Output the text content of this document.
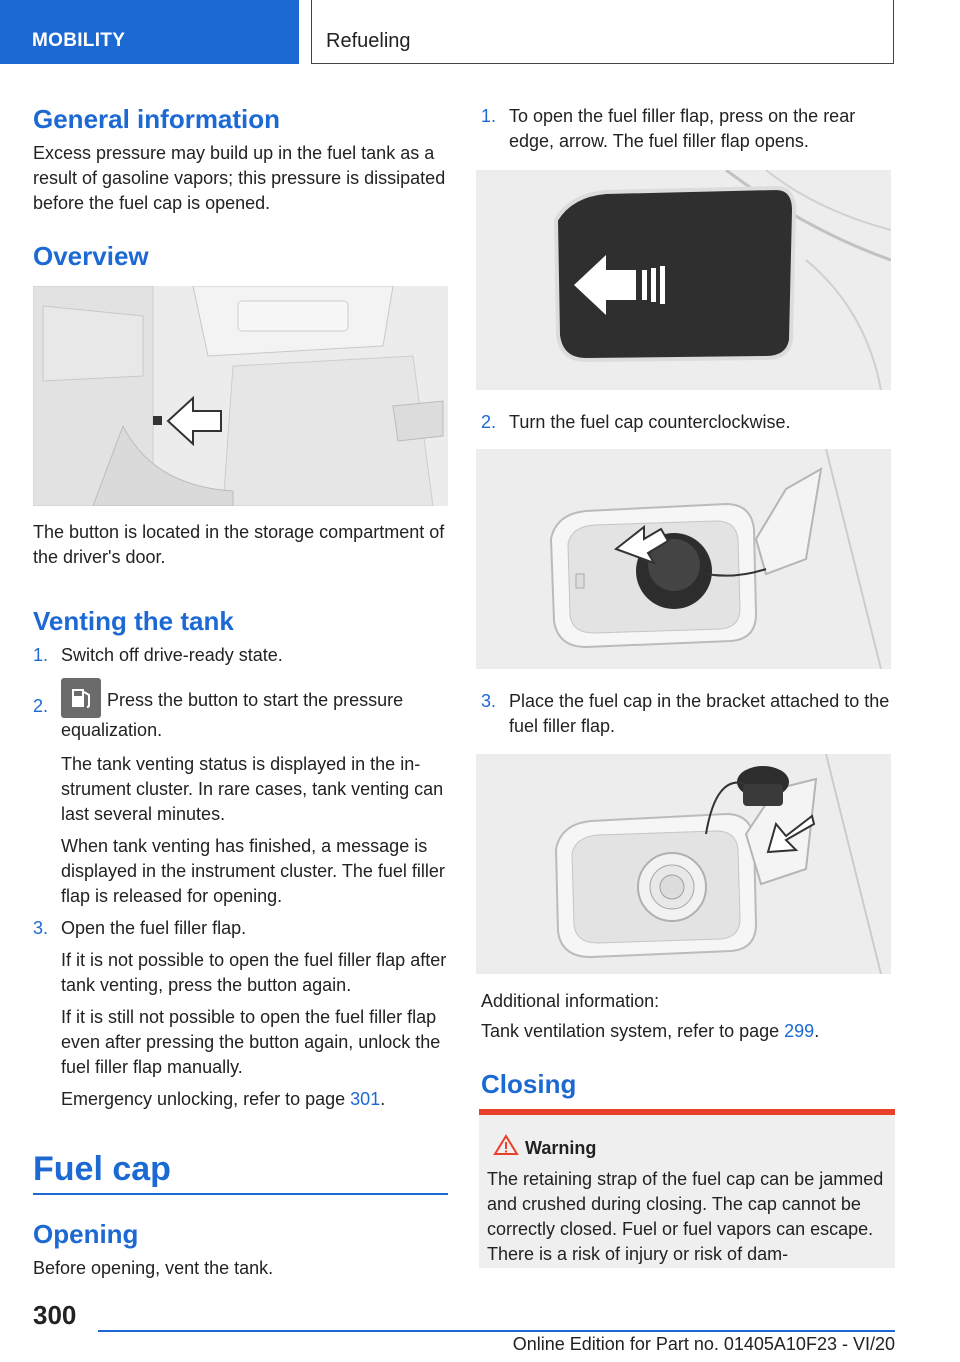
MOBILITY	Refueling
General information

Excess pressure may build up in the fuel tank as a result of gasoline vapors; this pressure is dissipated before the fuel cap is opened.

Overview

The button is located in the storage compartment of the driver's door.

Venting the tank
1. Switch off drive-ready state.

2.	Press the button to start the pressure equalization.

The tank venting status is displayed in the instrument cluster. In rare cases, tank venting can last several minutes.

When tank venting has finished, a message is displayed in the instrument cluster. The fuel filler flap is released for opening.

3. Open the fuel filler flap.

If it is not possible to open the fuel filler flap after tank venting, press the button again.

If it is still not possible to open the fuel filler flap even after pressing the button again, unlock the fuel filler flap manually.

Emergency unlocking, refer to page 301.

Fuel cap
Opening

Before opening, vent the tank.

1. To open the fuel filler flap, press on the rear edge, arrow. The fuel filler flap opens.

2. Turn the fuel cap counterclockwise.

3. Place the fuel cap in the bracket attached to the fuel filler flap.

Additional information:

Tank ventilation system, refer to page 299.

Closing
Warning

The retaining strap of the fuel cap can be jammed and crushed during closing. The cap cannot be correctly closed. Fuel or fuel vapors can escape. There is a risk of injury or risk of dam-

300
Online Edition for Part no. 01405A10F23 - VI/20
